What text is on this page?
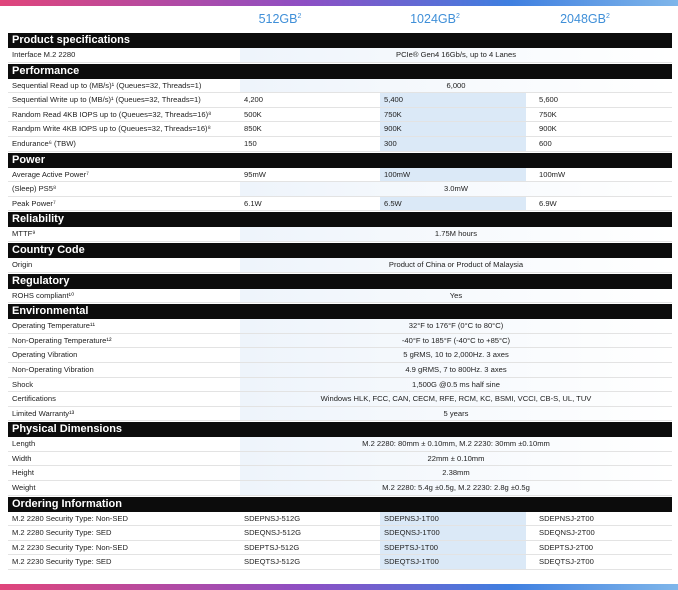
$512GB^2$	$1024GB^2$	$2048GB^2$
Product specifications
Interface M.2 2280	PCIe® Gen4 16Gb/s, up to 4 Lanes
Performance
Sequential Read up to (MB/s)¹ (Queues=32, Threads=1)	6,000
Sequential Write up to (MB/s)¹ (Queues=32, Threads=1)	4,200	5,400	5,600
Random Read 4KB IOPS up to (Queues=32, Threads=16)⁸	500K	750K	750K
Randpm Write 4KB IOPS up to (Queues=32, Threads=16)⁸	850K	900K	900K
Endurance⁶ (TBW)	150	300	600
Power
Average Active Power⁷	95mW	100mW	100mW
(Sleep) PS5⁸	3.0mW
Peak Power⁷	6.1W	6.5W	6.9W
Reliability
MTTF⁹	1.75M hours
Country Code
Origin	Product of China or Product of Malaysia
Regulatory
ROHS compliant¹⁰	Yes
Environmental
Operating Temperature¹¹	32°F to 176°F (0°C to 80°C)
Non-Operating Temperature¹²	-40°F to 185°F (-40°C to +85°C)
Operating Vibration	5 gRMS, 10 to 2,000Hz. 3 axes
Non-Operating Vibration	4.9 gRMS, 7 to 800Hz. 3 axes
Shock	1,500G @0.5 ms half sine
Certifications	Windows HLK, FCC, CAN, CECM, RFE, RCM, KC, BSMI, VCCI, CB-S, UL, TUV
Limited Warranty¹³	5 years
Physical Dimensions
Length	M.2 2280: 80mm ± 0.10mm, M.2 2230: 30mm ±0.10mm
Width	22mm ± 0.10mm
Height	2.38mm
Weight	M.2 2280: 5.4g ±0.5g, M.2 2230: 2.8g ±0.5g
Ordering Information
M.2 2280 Security Type: Non-SED	SDEPNSJ-512G	SDEPNSJ-1T00	SDEPNSJ-2T00
M.2 2280 Security Type: SED	SDEQNSJ-512G	SDEQNSJ-1T00	SDEQNSJ-2T00
M.2 2230 Security Type: Non-SED	SDEPTSJ-512G	SDEPTSJ-1T00	SDEPTSJ-2T00
M.2 2230 Security Type: SED	SDEQTSJ-512G	SDEQTSJ-1T00	SDEQTSJ-2T00
